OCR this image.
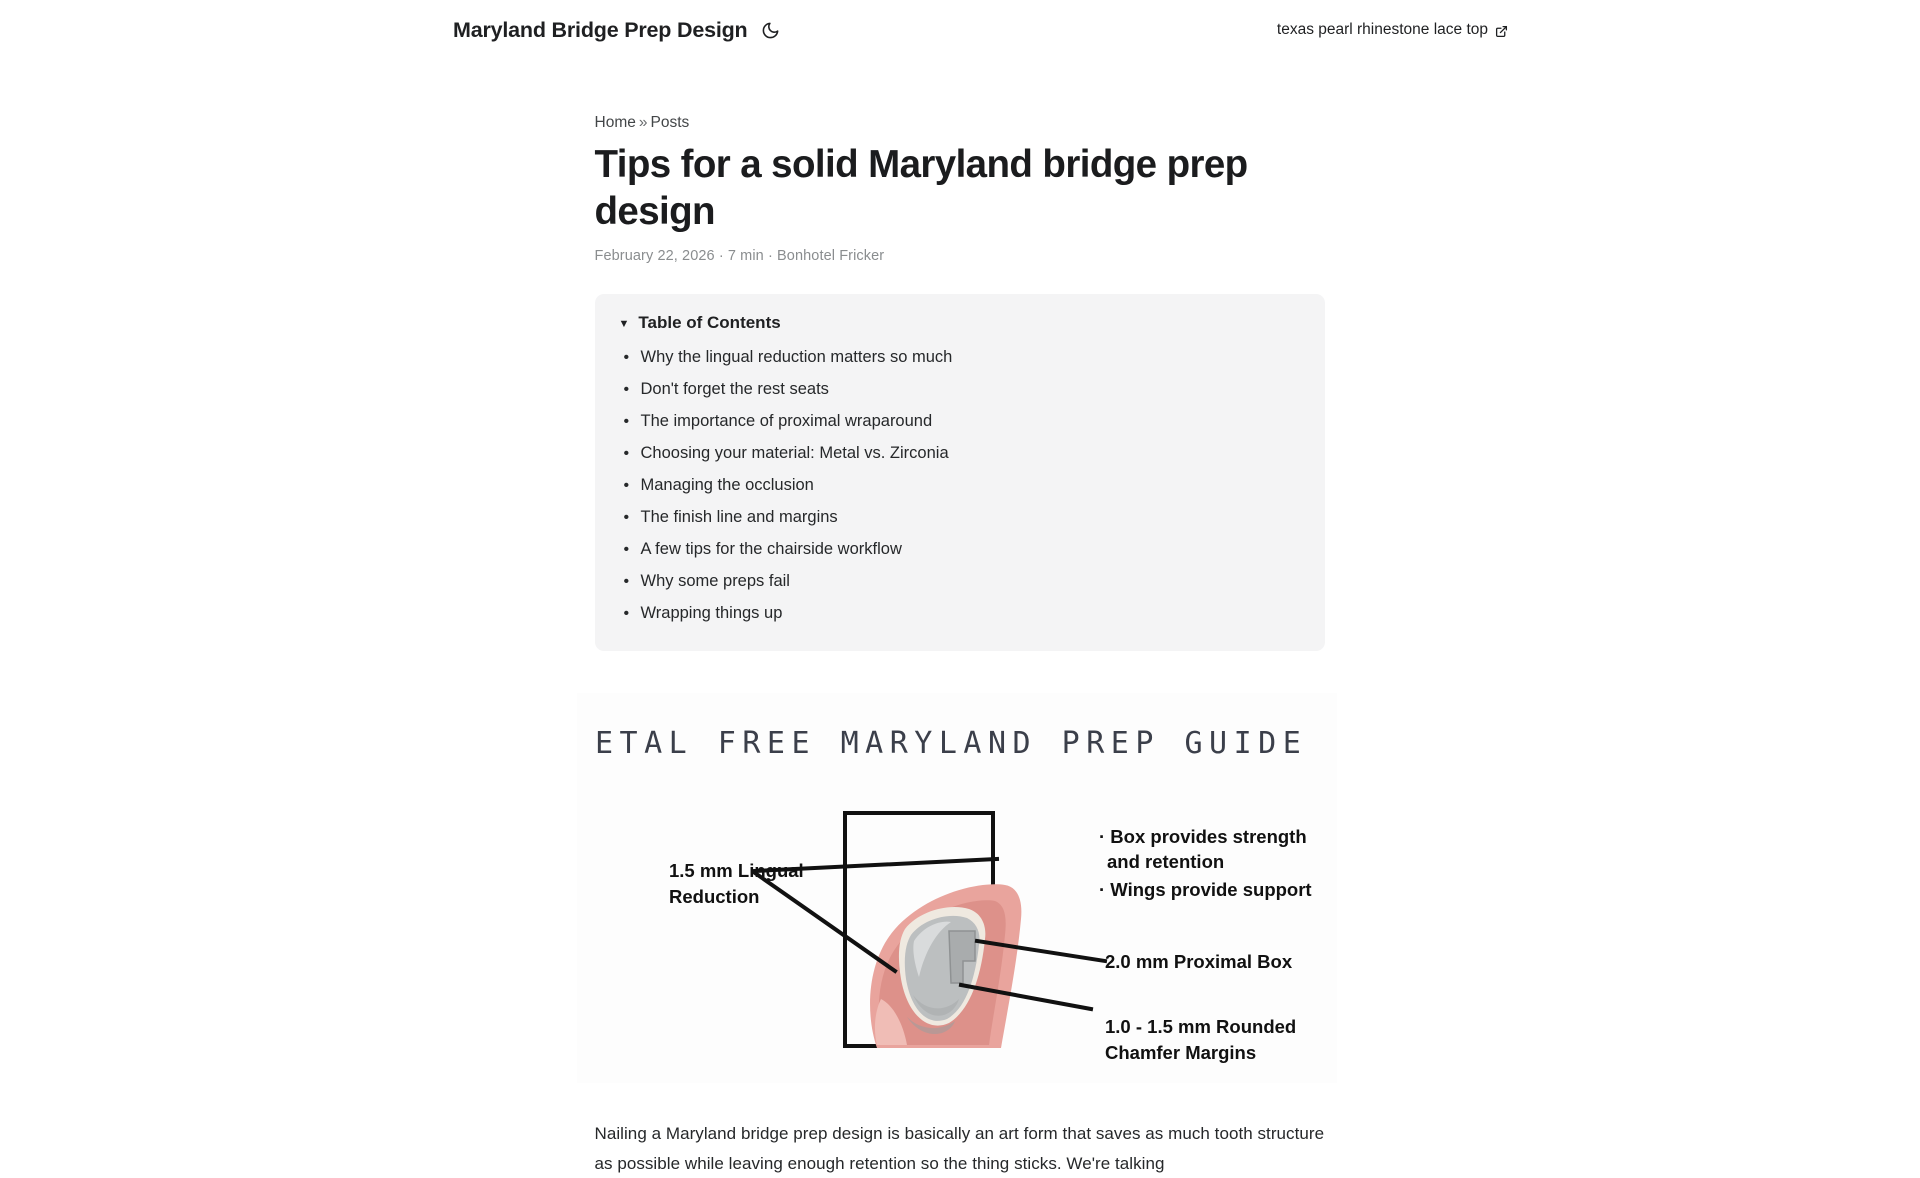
Maryland Bridge Prep Design	texas pearl rhinestone lace top
Home » Posts
Tips for a solid Maryland bridge prep design
February 22, 2026 · 7 min · Bonhotel Fricker
▼ Table of Contents
• Why the lingual reduction matters so much
• Don't forget the rest seats
• The importance of proximal wraparound
• Choosing your material: Metal vs. Zirconia
• Managing the occlusion
• The finish line and margins
• A few tips for the chairside workflow
• Why some preps fail
• Wrapping things up
ETAL FREE MARYLAND PREP GUIDE
1.5 mm Lingual
Reduction
· Box provides strength
and retention
· Wings provide support
2.0 mm Proximal Box
1.0 - 1.5 mm Rounded
Chamfer Margins

Nailing a Maryland bridge prep design is basically an art form that saves as much tooth structure as possible while leaving enough retention so the thing sticks. We're talking
